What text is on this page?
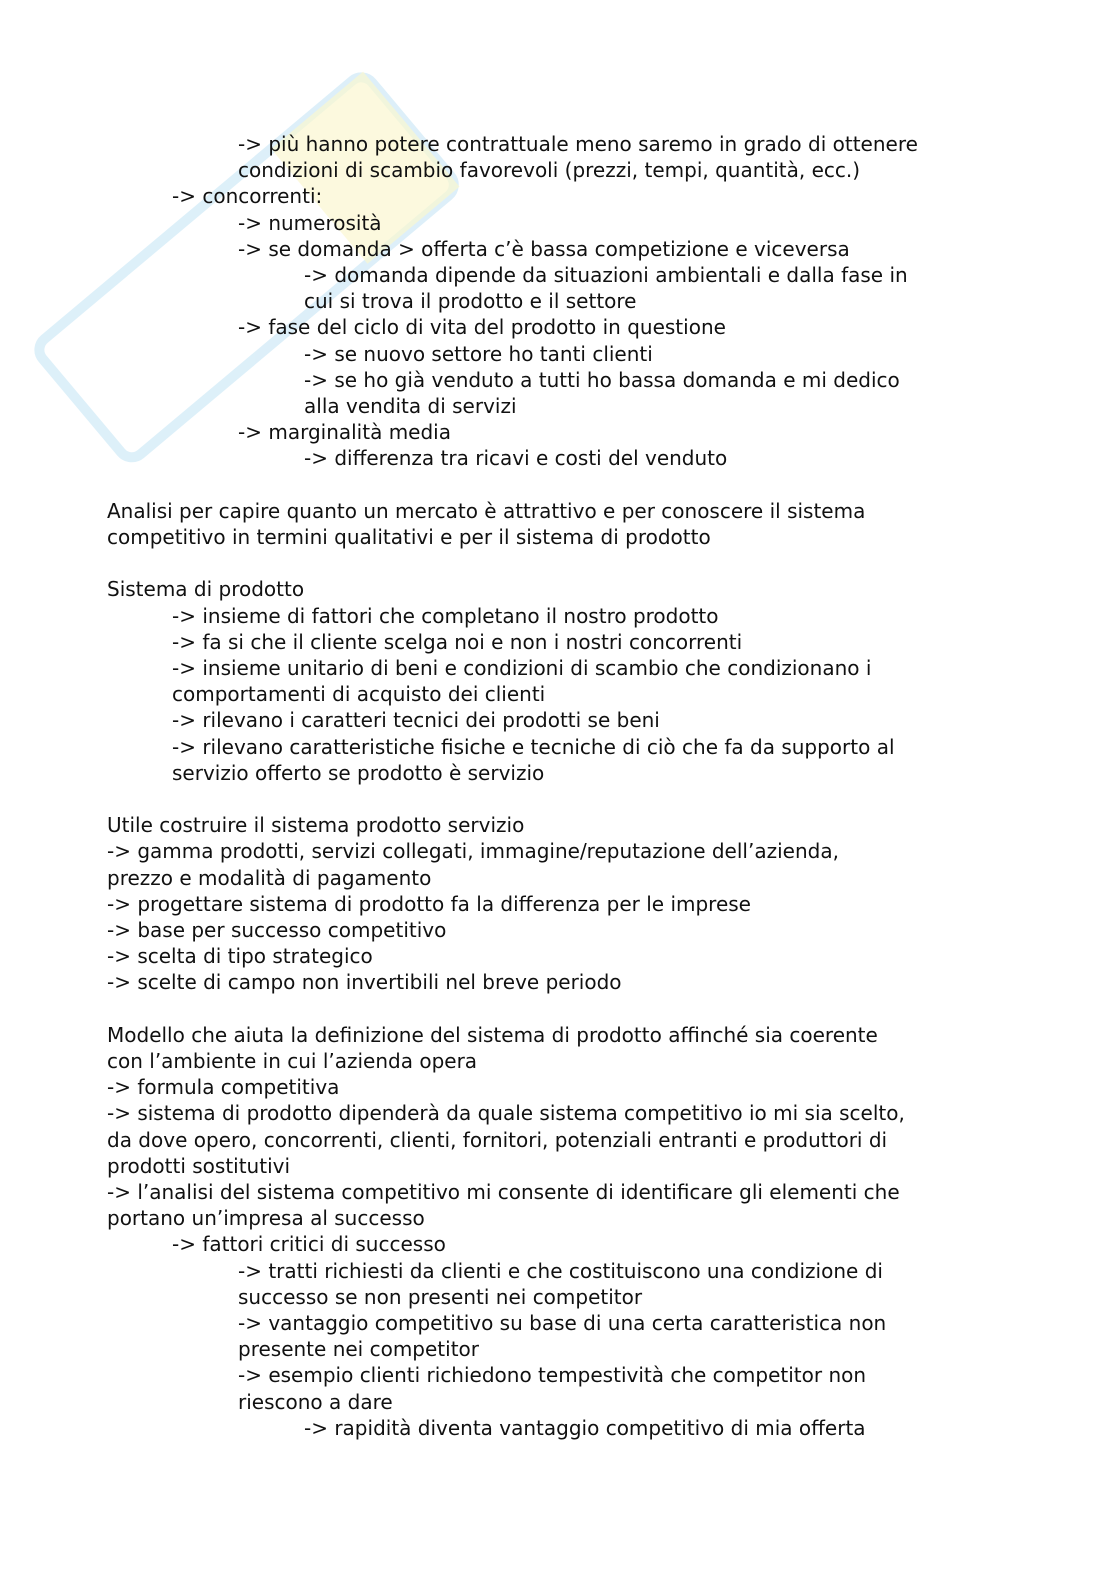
-> più hanno potere contrattuale meno saremo in grado di ottenere

condizioni di scambio favorevoli (prezzi, tempi, quantità, ecc.)

-> concorrenti:

-> numerosità

-> se domanda > offerta c’è bassa competizione e viceversa

-> domanda dipende da situazioni ambientali e dalla fase in

cui si trova il prodotto e il settore

-> fase del ciclo di vita del prodotto in questione

-> se nuovo settore ho tanti clienti

-> se ho già venduto a tutti ho bassa domanda e mi dedico

alla vendita di servizi

-> marginalità media

-> differenza tra ricavi e costi del venduto

Analisi per capire quanto un mercato è attrattivo e per conoscere il sistema

competitivo in termini qualitativi e per il sistema di prodotto

Sistema di prodotto

-> insieme di fattori che completano il nostro prodotto

-> fa si che il cliente scelga noi e non i nostri concorrenti

-> insieme unitario di beni e condizioni di scambio che condizionano i

comportamenti di acquisto dei clienti

-> rilevano i caratteri tecnici dei prodotti se beni

-> rilevano caratteristiche fisiche e tecniche di ciò che fa da supporto al

servizio offerto se prodotto è servizio

Utile costruire il sistema prodotto servizio

-> gamma prodotti, servizi collegati, immagine/reputazione dell’azienda,

prezzo e modalità di pagamento

-> progettare sistema di prodotto fa la differenza per le imprese

-> base per successo competitivo

-> scelta di tipo strategico

-> scelte di campo non invertibili nel breve periodo

Modello che aiuta la definizione del sistema di prodotto affinché sia coerente

con l’ambiente in cui l’azienda opera

-> formula competitiva

-> sistema di prodotto dipenderà da quale sistema competitivo io mi sia scelto,

da dove opero, concorrenti, clienti, fornitori, potenziali entranti e produttori di

prodotti sostitutivi

-> l’analisi del sistema competitivo mi consente di identificare gli elementi che

portano un’impresa al successo

-> fattori critici di successo

-> tratti richiesti da clienti e che costituiscono una condizione di

successo se non presenti nei competitor

-> vantaggio competitivo su base di una certa caratteristica non

presente nei competitor

-> esempio clienti richiedono tempestività che competitor non

riescono a dare

-> rapidità diventa vantaggio competitivo di mia offerta
